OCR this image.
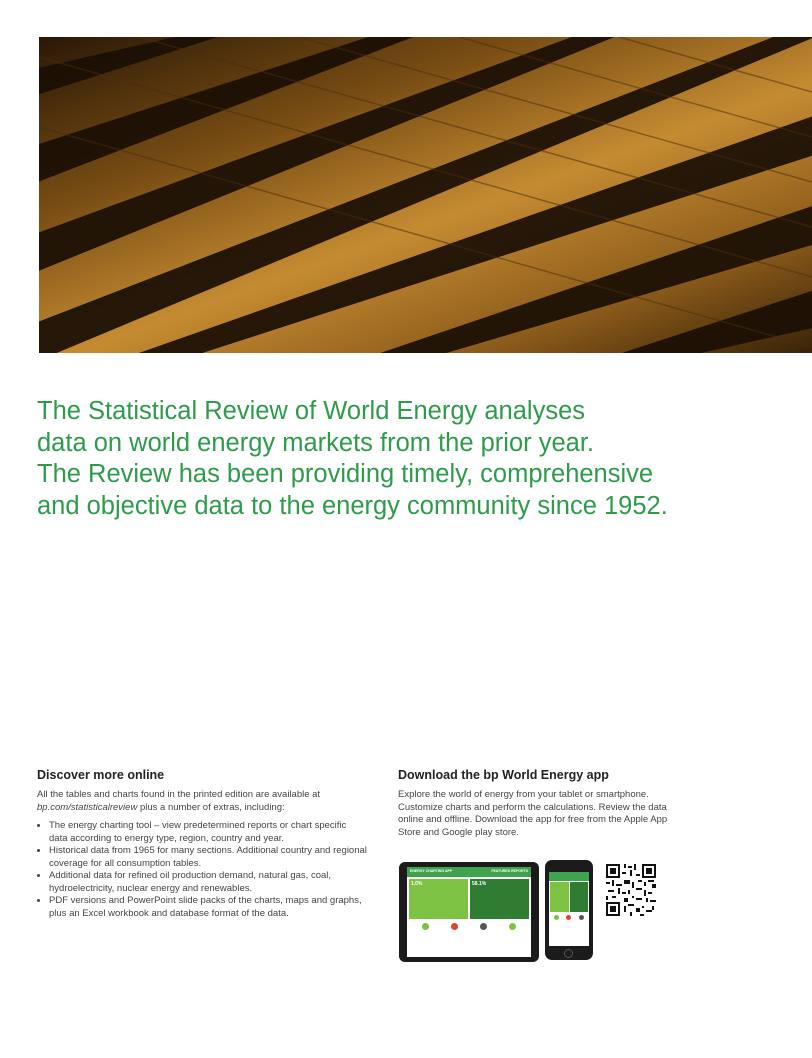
The Statistical Review of World Energy analyses
data on world energy markets from the prior year.
The Review has been providing timely, comprehensive
and objective data to the energy community since 1952.

Discover more online

All the tables and charts found in the printed edition are available at bp.com/statisticalreview plus a number of extras, including:

• The energy charting tool – view predetermined reports or chart specific data according to energy type, region, country and year.
• Historical data from 1965 for many sections. Additional country and regional coverage for all consumption tables.
• Additional data for refined oil production demand, natural gas, coal, hydroelectricity, nuclear energy and renewables.
• PDF versions and PowerPoint slide packs of the charts, maps and graphs, plus an Excel workbook and database format of the data.
Download the bp World Energy app

Explore the world of energy from your tablet or smartphone. Customize charts and perform the calculations. Review the data online and offline. Download the app for free from the Apple App Store and Google play store.

ENERGY CHARTING APP	FEATURED REPORTS
1.0%	58.1%
